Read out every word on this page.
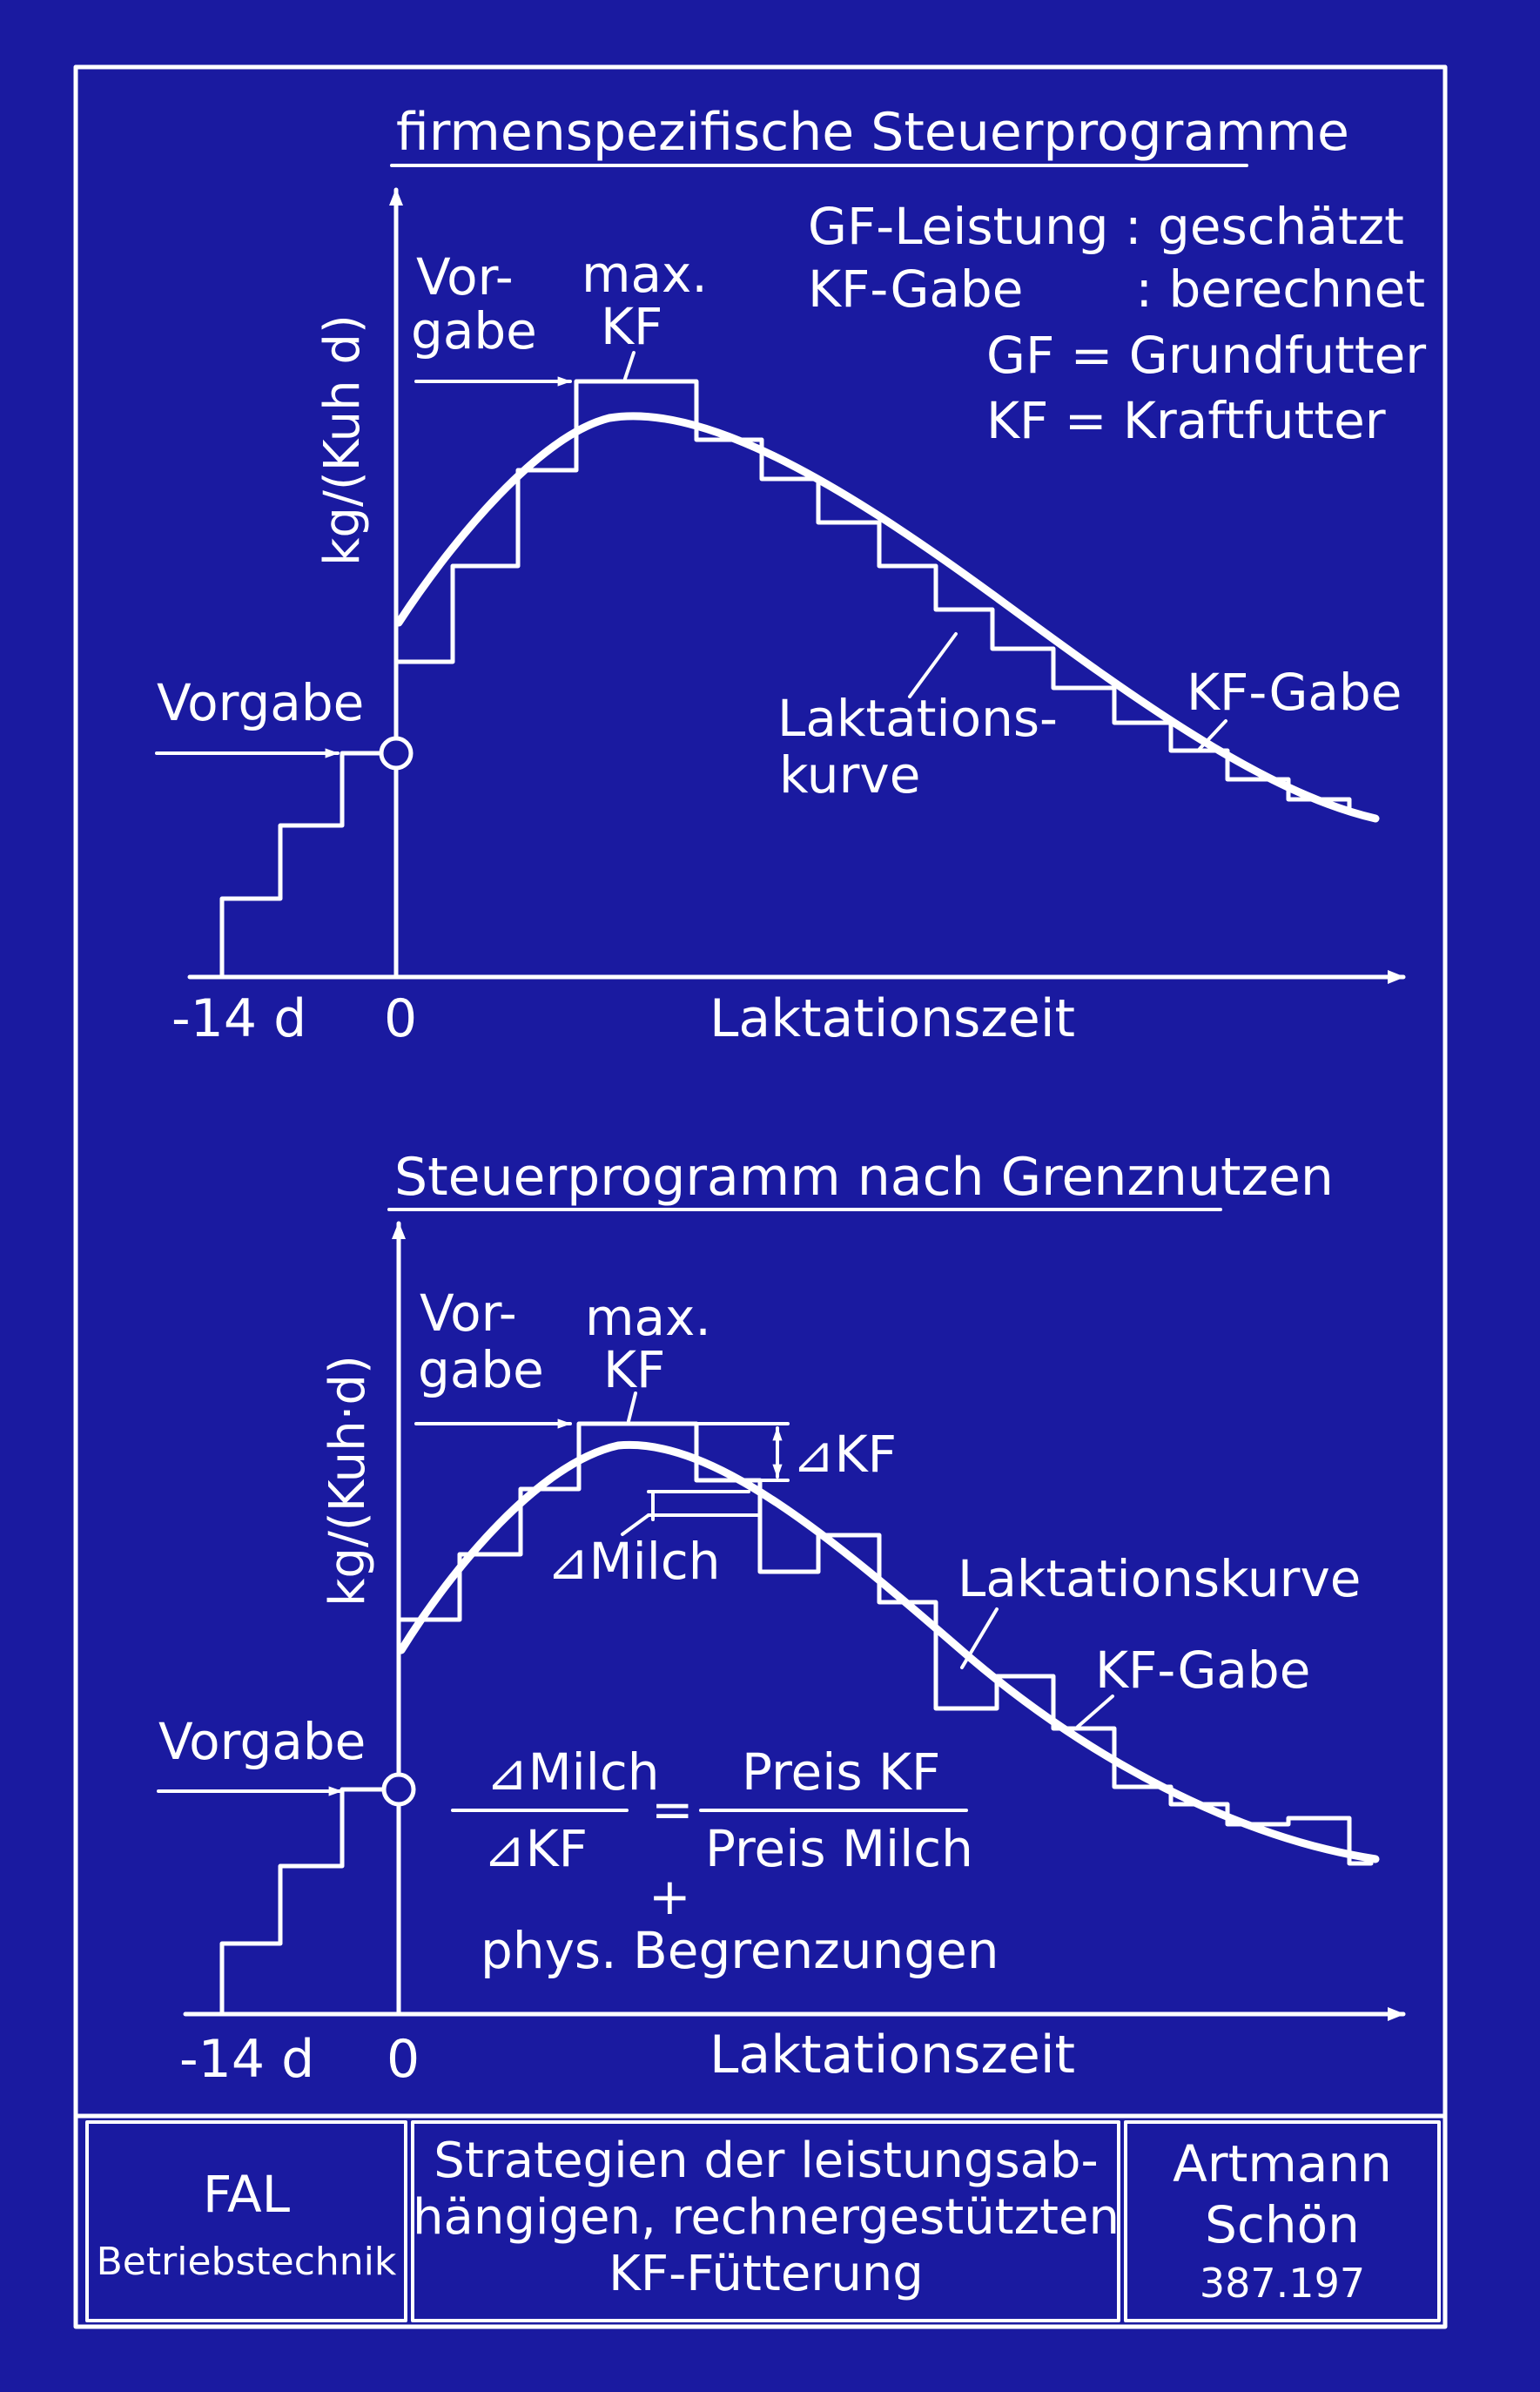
firmenspezifische Steuerprogramme
kg/(Kuh d)
Laktationszeit
-14 d 0
Vor-
gabe
max.
KF
Vorgabe	Laktations-
kurve
KF-Gabe
GF-Leistung : geschätzt
KF-Gabe       : berechnet
GF = Grundfutter
KF = Kraftfutter
Steuerprogramm nach Grenznutzen
kg/(Kuh·d)
Laktationszeit
-14 d 0
⊿KF
⊿Milch
Vor-
gabe
max.
KF
Laktationskurve
KF-Gabe
Vorgabe
⊿Milch
⊿KF
=
Preis KF
Preis Milch
+
phys. Begrenzungen
FAL
Betriebstechnik
Strategien der leistungsab-
hängigen, rechnergestützten
KF-Fütterung
Artmann
Schön
387.197
